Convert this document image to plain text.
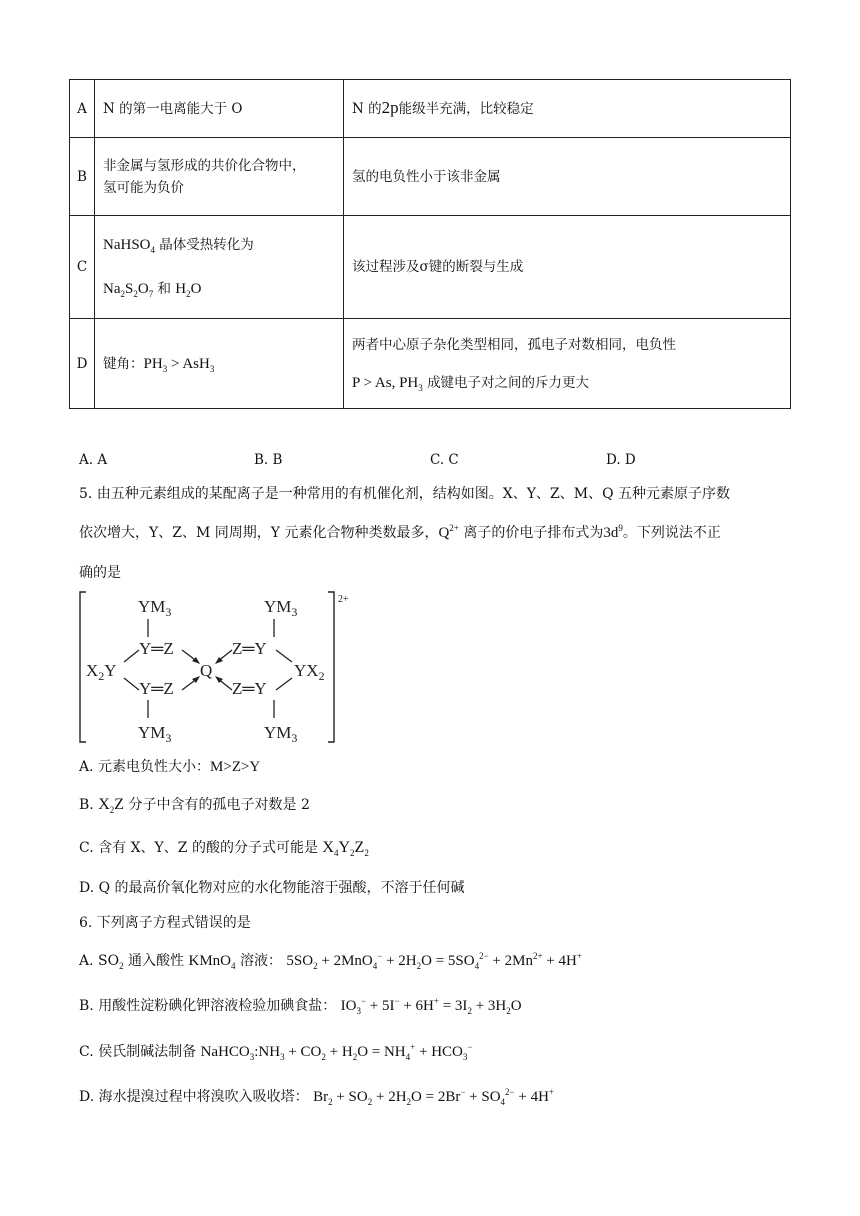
A	N 的第一电离能大于 O	N 的2p能级半充满，比较稳定
B	非金属与氢形成的共价化合物中，
氢可能为负价	氢的电负性小于该非金属
C	NaHSO$_4$ 晶体受热转化为
$Na_2S_2O_7$ 和 $H_2O$	该过程涉及σ键的断裂与生成
D	键角：$PH_3 > AsH_3$	两者中心原子杂化类型相同，孤电子对数相同，电负性
P > As, $PH_3$ 成键电子对之间的斥力更大
A. A	B. B	C. C	D. D
5. 由五种元素组成的某配离子是一种常用的有机催化剂，结构如图。X、Y、Z、M、Q 五种元素原子序数
依次增大，Y、Z、M 同周期，Y 元素化合物种类数最多，$Q^{2+}$ 离子的价电子排布式为$3d^9$。下列说法不正
确的是
2+
$YM_3$	$YM_3$
Y═Z	Z═Y
$X_2Y$	Q	$YX_2$
Y═Z	Z═Y
$YM_3$	$YM_3$
A. 元素电负性大小：M>Z>Y
B. $X_2Z$ 分子中含有的孤电子对数是 2
C. 含有 X、Y、Z 的酸的分子式可能是 $X_4Y_2Z_2$
D. Q 的最高价氧化物对应的水化物能溶于强酸，不溶于任何碱
6. 下列离子方程式错误的是
A. $SO_2$ 通入酸性 KMnO$_4$ 溶液： $5SO_2 + 2MnO_4^- + 2H_2O = 5SO_4^{2-} + 2Mn^{2+} + 4H^+$
B. 用酸性淀粉碘化钾溶液检验加碘食盐： $IO_3^- + 5I^- + 6H^+ = 3I_2 + 3H_2O$
C. 侯氏制碱法制备 $NaHCO_3:NH_3 + CO_2 + H_2O = NH_4^+ + HCO_3^-$
D. 海水提溴过程中将溴吹入吸收塔： $Br_2 + SO_2 + 2H_2O = 2Br^- + SO_4^{2-} + 4H^+$
